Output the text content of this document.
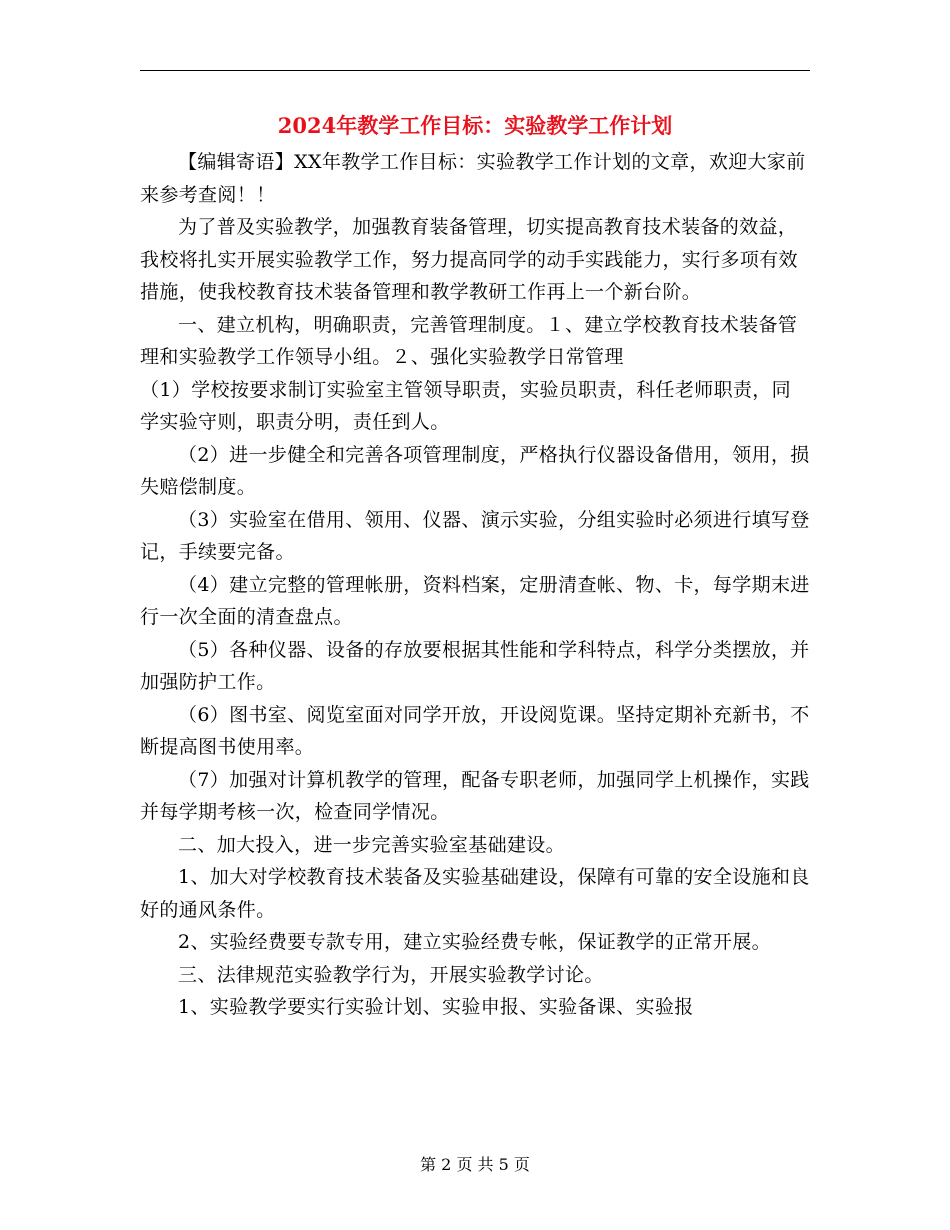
2024年教学工作目标：实验教学工作计划

【编辑寄语】XX年教学工作目标：实验教学工作计划的文章，欢迎大家前来参考查阅！！

为了普及实验教学，加强教育装备管理，切实提高教育技术装备的效益，我校将扎实开展实验教学工作，努力提高同学的动手实践能力，实行多项有效措施，使我校教育技术装备管理和教学教研工作再上一个新台阶。

一、建立机构，明确职责，完善管理制度。１、建立学校教育技术装备管理和实验教学工作领导小组。２、强化实验教学日常管理

（1）学校按要求制订实验室主管领导职责，实验员职责，科任老师职责，同学实验守则，职责分明，责任到人。

（2）进一步健全和完善各项管理制度，严格执行仪器设备借用，领用，损失赔偿制度。

（3）实验室在借用、领用、仪器、演示实验，分组实验时必须进行填写登记，手续要完备。

（4）建立完整的管理帐册，资料档案，定册清查帐、物、卡，每学期末进行一次全面的清查盘点。

（5）各种仪器、设备的存放要根据其性能和学科特点，科学分类摆放，并加强防护工作。

（6）图书室、阅览室面对同学开放，开设阅览课。坚持定期补充新书，不断提高图书使用率。

（7）加强对计算机教学的管理，配备专职老师，加强同学上机操作，实践并每学期考核一次，检查同学情况。

二、加大投入，进一步完善实验室基础建设。

1、加大对学校教育技术装备及实验基础建设，保障有可靠的安全设施和良好的通风条件。

2、实验经费要专款专用，建立实验经费专帐，保证教学的正常开展。

三、法律规范实验教学行为，开展实验教学讨论。

1、实验教学要实行实验计划、实验申报、实验备课、实验报

第 2 页 共 5 页
